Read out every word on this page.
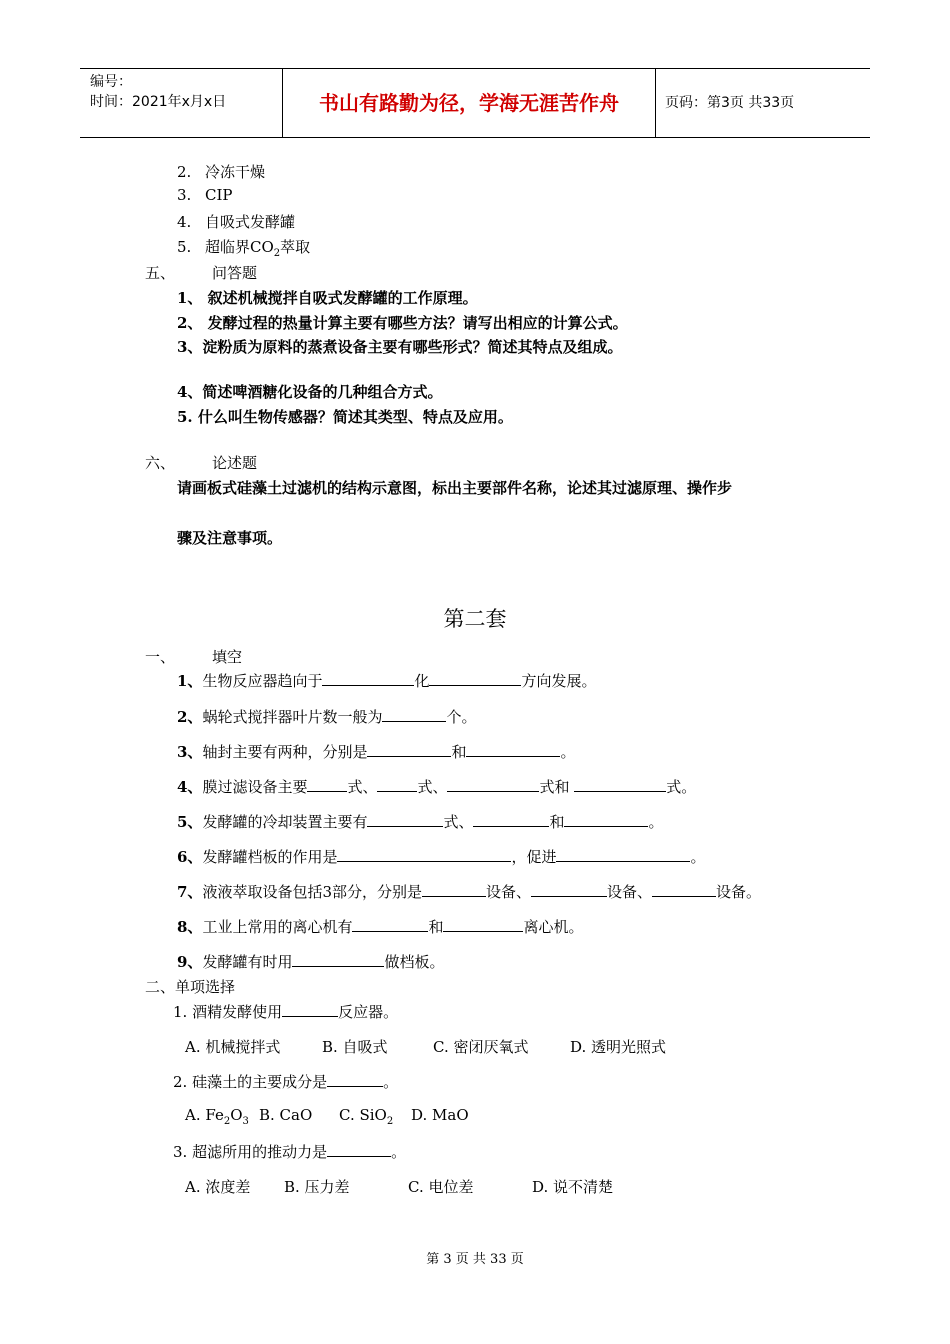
编号：
时间：2021年x月x日	书山有路勤为径，学海无涯苦作舟	页码：第3页 共33页
2. 冷冻干燥
3. CIP
4. 自吸式发酵罐
5. 超临界$CO_2$萃取
五、 问答题
1、 叙述机械搅拌自吸式发酵罐的工作原理。
2、 发酵过程的热量计算主要有哪些方法？请写出相应的计算公式。
3、淀粉质为原料的蒸煮设备主要有哪些形式？简述其特点及组成。
4、简述啤酒糖化设备的几种组合方式。
5. 什么叫生物传感器？简述其类型、特点及应用。
六、 论述题
请画板式硅藻土过滤机的结构示意图，标出主要部件名称，论述其过滤原理、操作步
骤及注意事项。
第二套
一、 填空
1、生物反应器趋向于	化	方向发展。
2、蜗轮式搅拌器叶片数一般为	个。
3、轴封主要有两种，分别是	和	。
4、膜过滤设备主要	式、	式、	式和	式。
5、发酵罐的冷却装置主要有	式、	和	。
6、发酵罐档板的作用是	，促进	。
7、液液萃取设备包括3部分，分别是	设备、	设备、	设备。
8、工业上常用的离心机有	和	离心机。
9、发酵罐有时用	做档板。
二、单项选择
1. 酒精发酵使用	反应器。
A. 机械搅拌式	B. 自吸式	C. 密闭厌氧式	D. 透明光照式
2. 硅藻土的主要成分是	。
A. $Fe_2O_3$ B. CaO C. SiO$_2$ D. MaO
3. 超滤所用的推动力是	。
A. 浓度差 B. 压力差	C. 电位差	D. 说不清楚
第 3 页 共 33 页
